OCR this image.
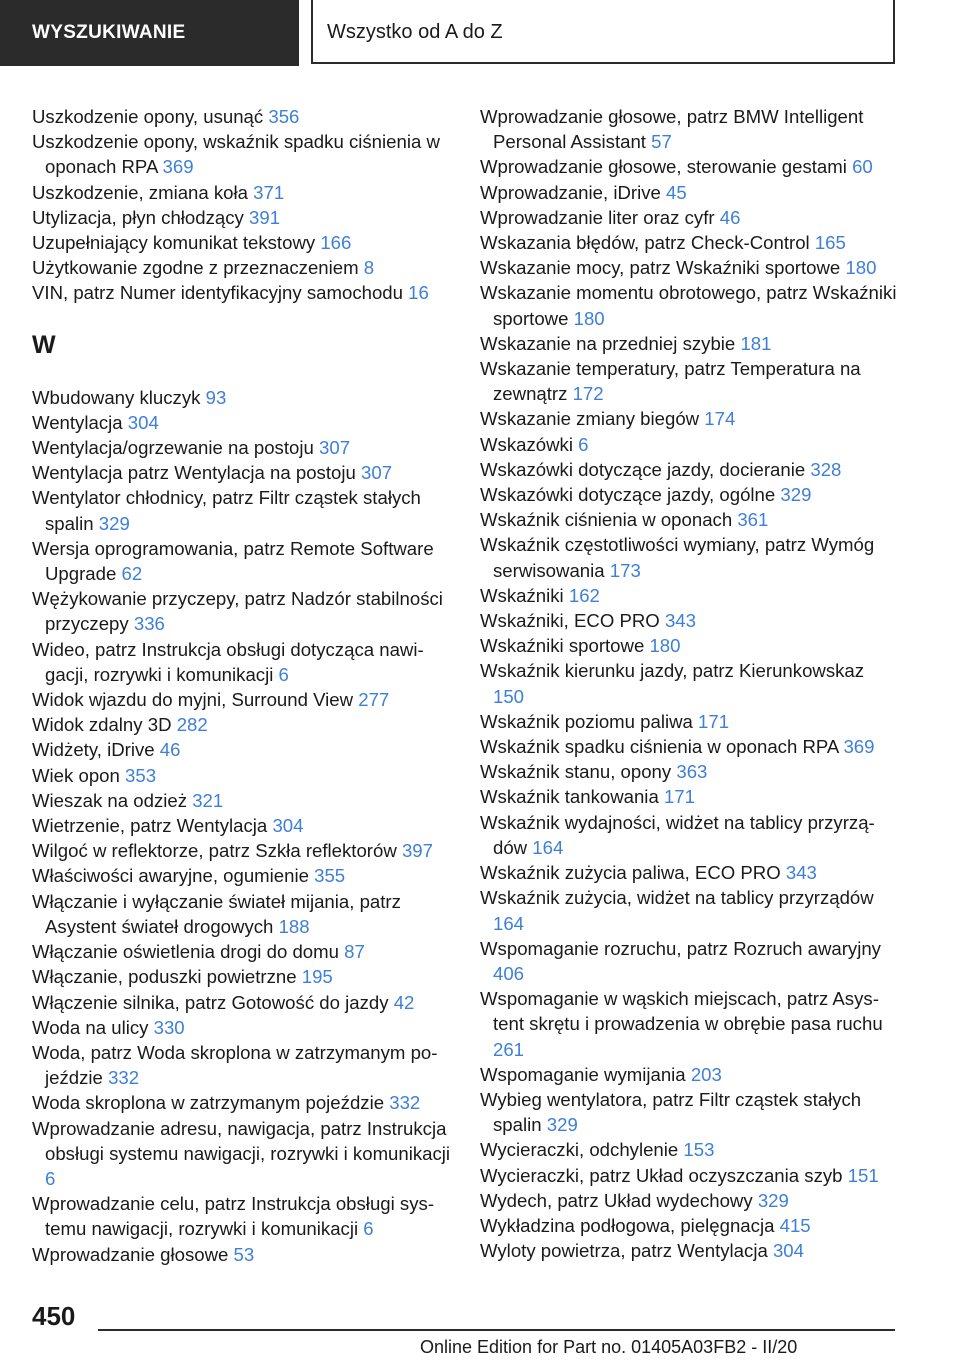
WYSZUKIWANIE	Wszystko od A do Z
Uszkodzenie opony, usunąć 356
Uszkodzenie opony, wskaźnik spadku ciśnienia w oponach RPA 369
Uszkodzenie, zmiana koła 371
Utylizacja, płyn chłodzący 391
Uzupełniający komunikat tekstowy 166
Użytkowanie zgodne z przeznaczeniem 8
VIN, patrz Numer identyfikacyjny samochodu 16
W
Wbudowany kluczyk 93
Wentylacja 304
Wentylacja/ogrzewanie na postoju 307
Wentylacja patrz Wentylacja na postoju 307
Wentylator chłodnicy, patrz Filtr cząstek stałych spalin 329
Wersja oprogramowania, patrz Remote Software Upgrade 62
Wężykowanie przyczepy, patrz Nadzór stabilności przyczepy 336
Wideo, patrz Instrukcja obsługi dotycząca nawigacji, rozrywki i komunikacji 6
Widok wjazdu do myjni, Surround View 277
Widok zdalny 3D 282
Widżety, iDrive 46
Wiek opon 353
Wieszak na odzież 321
Wietrzenie, patrz Wentylacja 304
Wilgoć w reflektorze, patrz Szkła reflektorów 397
Właściwości awaryjne, ogumienie 355
Włączanie i wyłączanie świateł mijania, patrz Asystent świateł drogowych 188
Włączanie oświetlenia drogi do domu 87
Włączanie, poduszki powietrzne 195
Włączenie silnika, patrz Gotowość do jazdy 42
Woda na ulicy 330
Woda, patrz Woda skroplona w zatrzymanym pojeździe 332
Woda skroplona w zatrzymanym pojeździe 332
Wprowadzanie adresu, nawigacja, patrz Instrukcja obsługi systemu nawigacji, rozrywki i komunikacji 6
Wprowadzanie celu, patrz Instrukcja obsługi systemu nawigacji, rozrywki i komunikacji 6
Wprowadzanie głosowe 53
Wprowadzanie głosowe, patrz BMW Intelligent Personal Assistant 57
Wprowadzanie głosowe, sterowanie gestami 60
Wprowadzanie, iDrive 45
Wprowadzanie liter oraz cyfr 46
Wskazania błędów, patrz Check-Control 165
Wskazanie mocy, patrz Wskaźniki sportowe 180
Wskazanie momentu obrotowego, patrz Wskaźniki sportowe 180
Wskazanie na przedniej szybie 181
Wskazanie temperatury, patrz Temperatura na zewnątrz 172
Wskazanie zmiany biegów 174
Wskazówki 6
Wskazówki dotyczące jazdy, docieranie 328
Wskazówki dotyczące jazdy, ogólne 329
Wskaźnik ciśnienia w oponach 361
Wskaźnik częstotliwości wymiany, patrz Wymóg serwisowania 173
Wskaźniki 162
Wskaźniki, ECO PRO 343
Wskaźniki sportowe 180
Wskaźnik kierunku jazdy, patrz Kierunkowskaz 150
Wskaźnik poziomu paliwa 171
Wskaźnik spadku ciśnienia w oponach RPA 369
Wskaźnik stanu, opony 363
Wskaźnik tankowania 171
Wskaźnik wydajności, widżet na tablicy przyrządów 164
Wskaźnik zużycia paliwa, ECO PRO 343
Wskaźnik zużycia, widżet na tablicy przyrządów 164
Wspomaganie rozruchu, patrz Rozruch awaryjny 406
Wspomaganie w wąskich miejscach, patrz Asystent skrętu i prowadzenia w obrębie pasa ruchu 261
Wspomaganie wymijania 203
Wybieg wentylatora, patrz Filtr cząstek stałych spalin 329
Wycieraczki, odchylenie 153
Wycieraczki, patrz Układ oczyszczania szyb 151
Wydech, patrz Układ wydechowy 329
Wykładzina podłogowa, pielęgnacja 415
Wyloty powietrza, patrz Wentylacja 304
450
Online Edition for Part no. 01405A03FB2 - II/20
